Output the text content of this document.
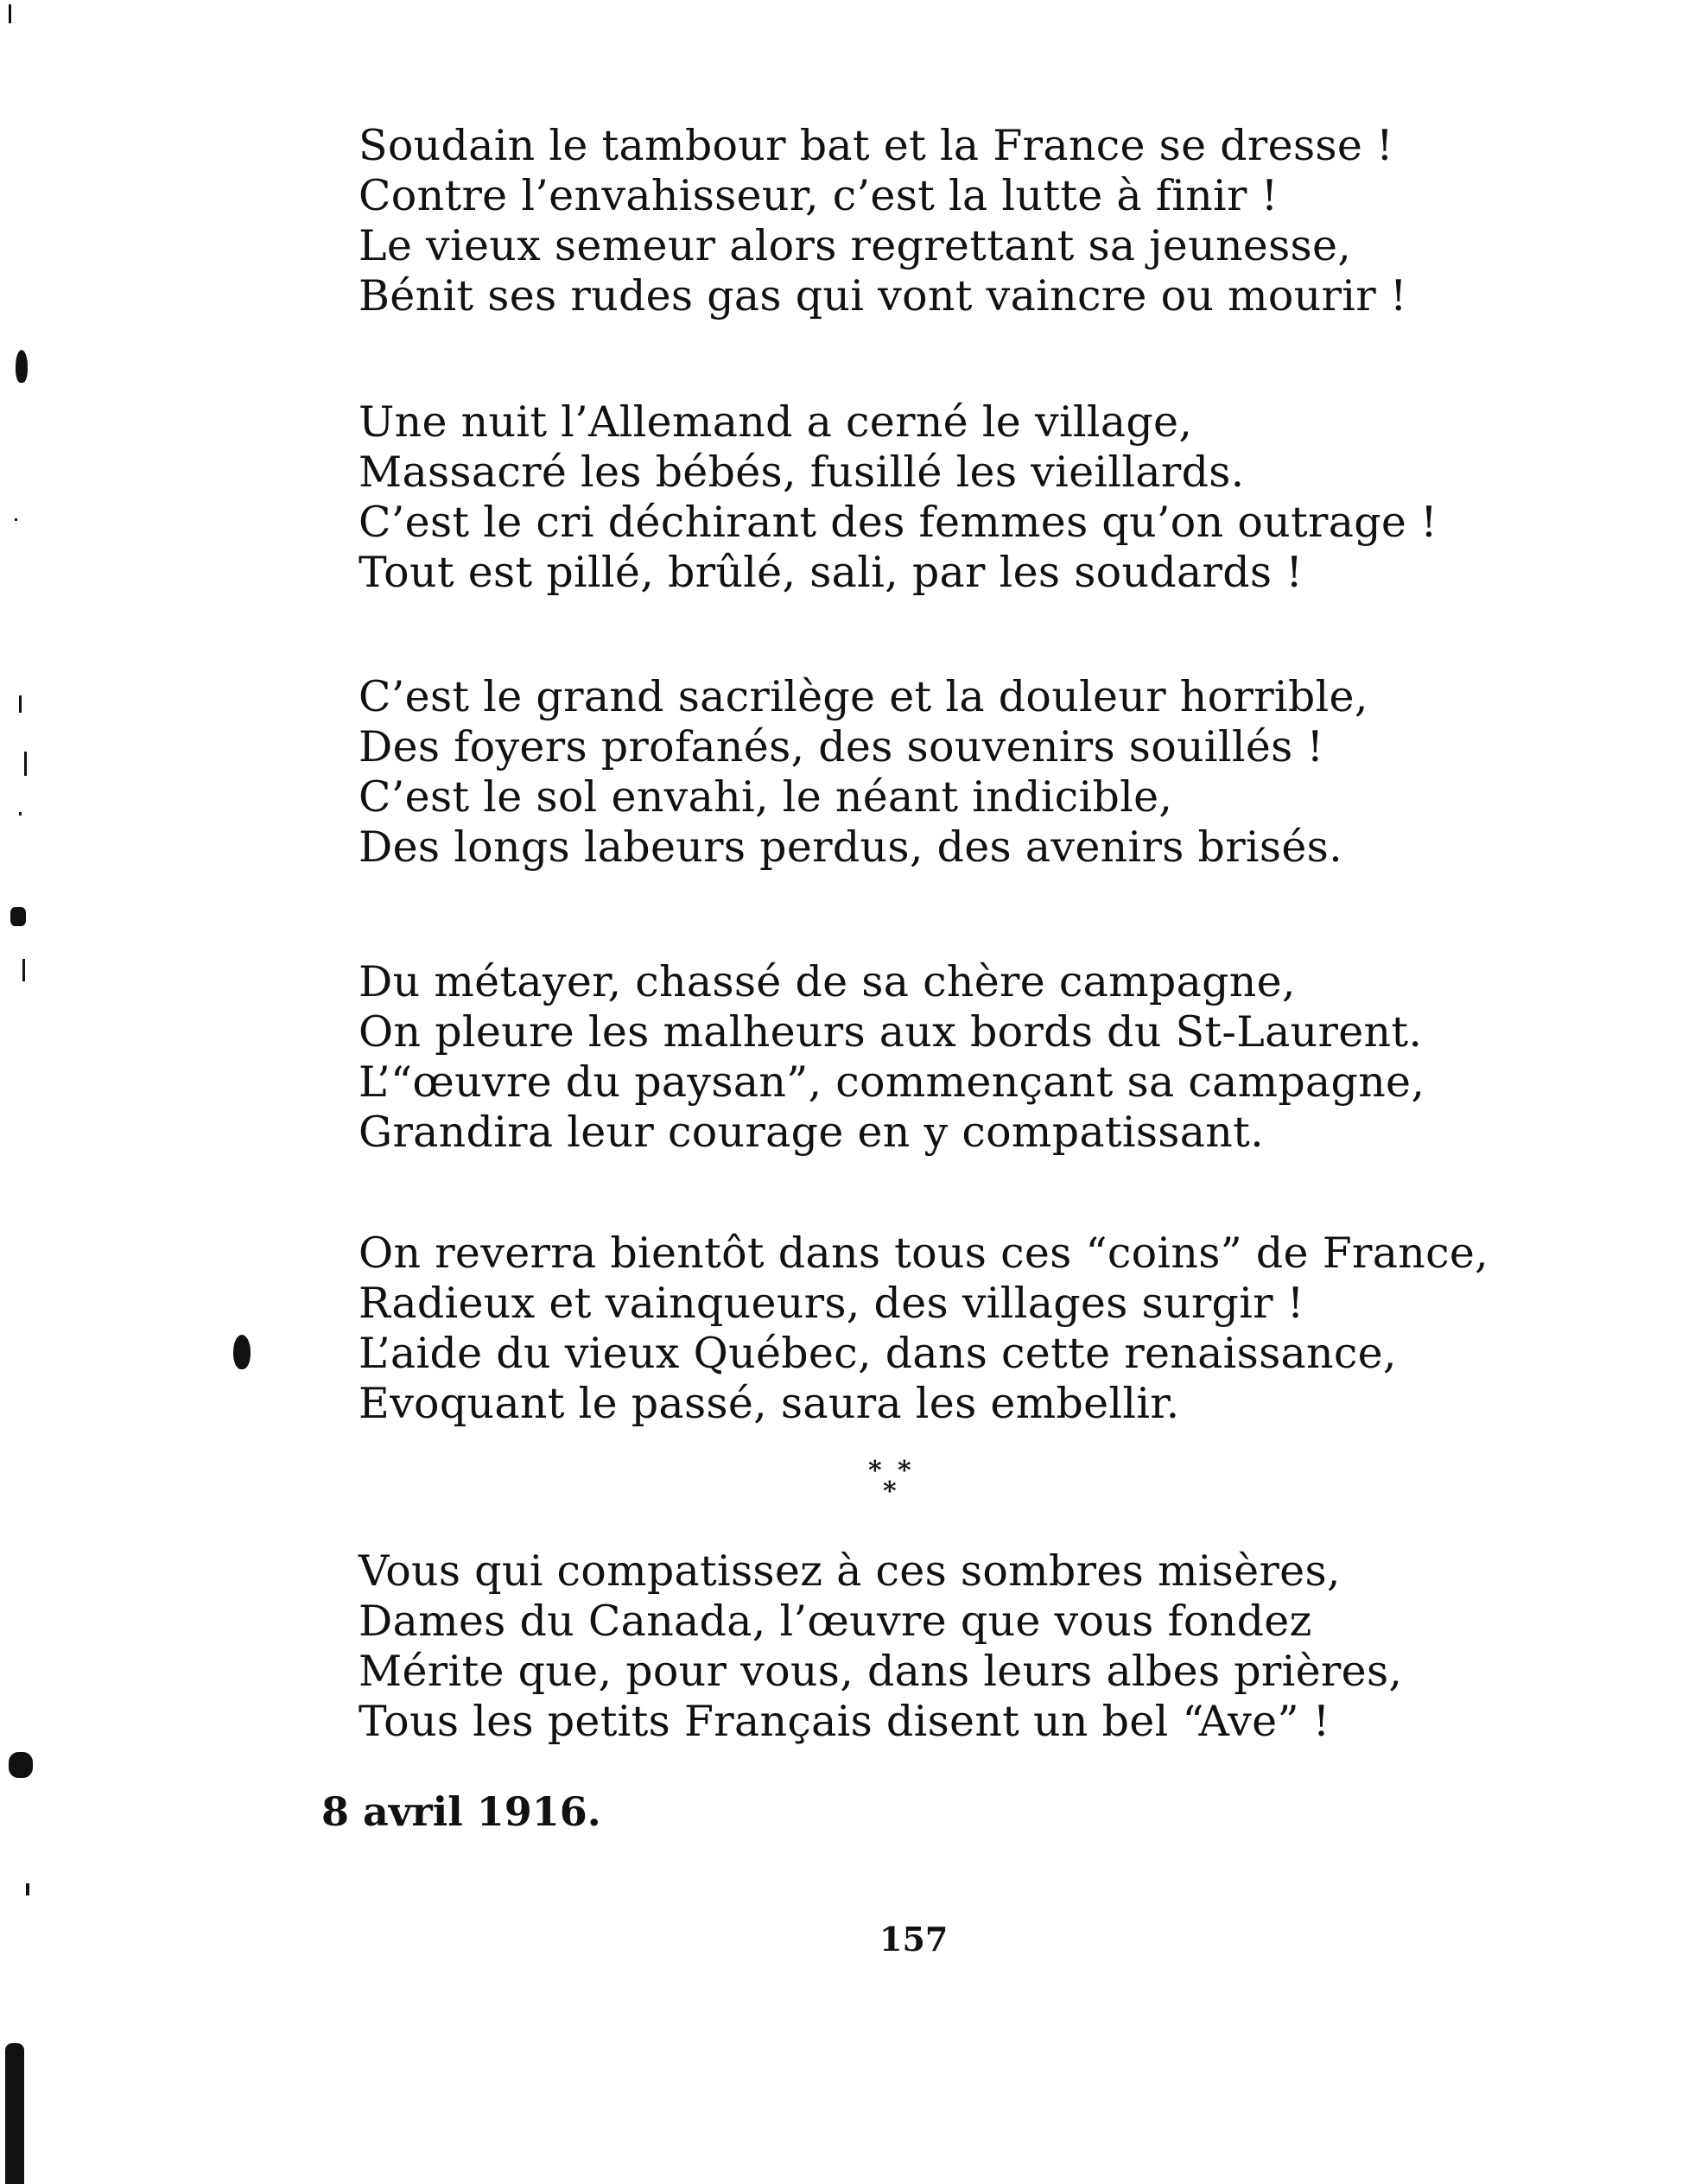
Soudain le tambour bat et la France se dresse !
Contre l’envahisseur, c’est la lutte à finir !
Le vieux semeur alors regrettant sa jeunesse,
Bénit ses rudes gas qui vont vaincre ou mourir !
Une nuit l’Allemand a cerné le village,
Massacré les bébés, fusillé les vieillards.
C’est le cri déchirant des femmes qu’on outrage !
Tout est pillé, brûlé, sali, par les soudards !
C’est le grand sacrilège et la douleur horrible,
Des foyers profanés, des souvenirs souillés !
C’est le sol envahi, le néant indicible,
Des longs labeurs perdus, des avenirs brisés.
Du métayer, chassé de sa chère campagne,
On pleure les malheurs aux bords du St-Laurent.
L’“œuvre du paysan”, commençant sa campagne,
Grandira leur courage en y compatissant.
On reverra bientôt dans tous ces “coins” de France,
Radieux et vainqueurs, des villages surgir !
L’aide du vieux Québec, dans cette renaissance,
Evoquant le passé, saura les embellir.
* *
*
Vous qui compatissez à ces sombres misères,
Dames du Canada, l’œuvre que vous fondez
Mérite que, pour vous, dans leurs albes prières,
Tous les petits Français disent un bel “Ave” !
8 avril 1916.
157
